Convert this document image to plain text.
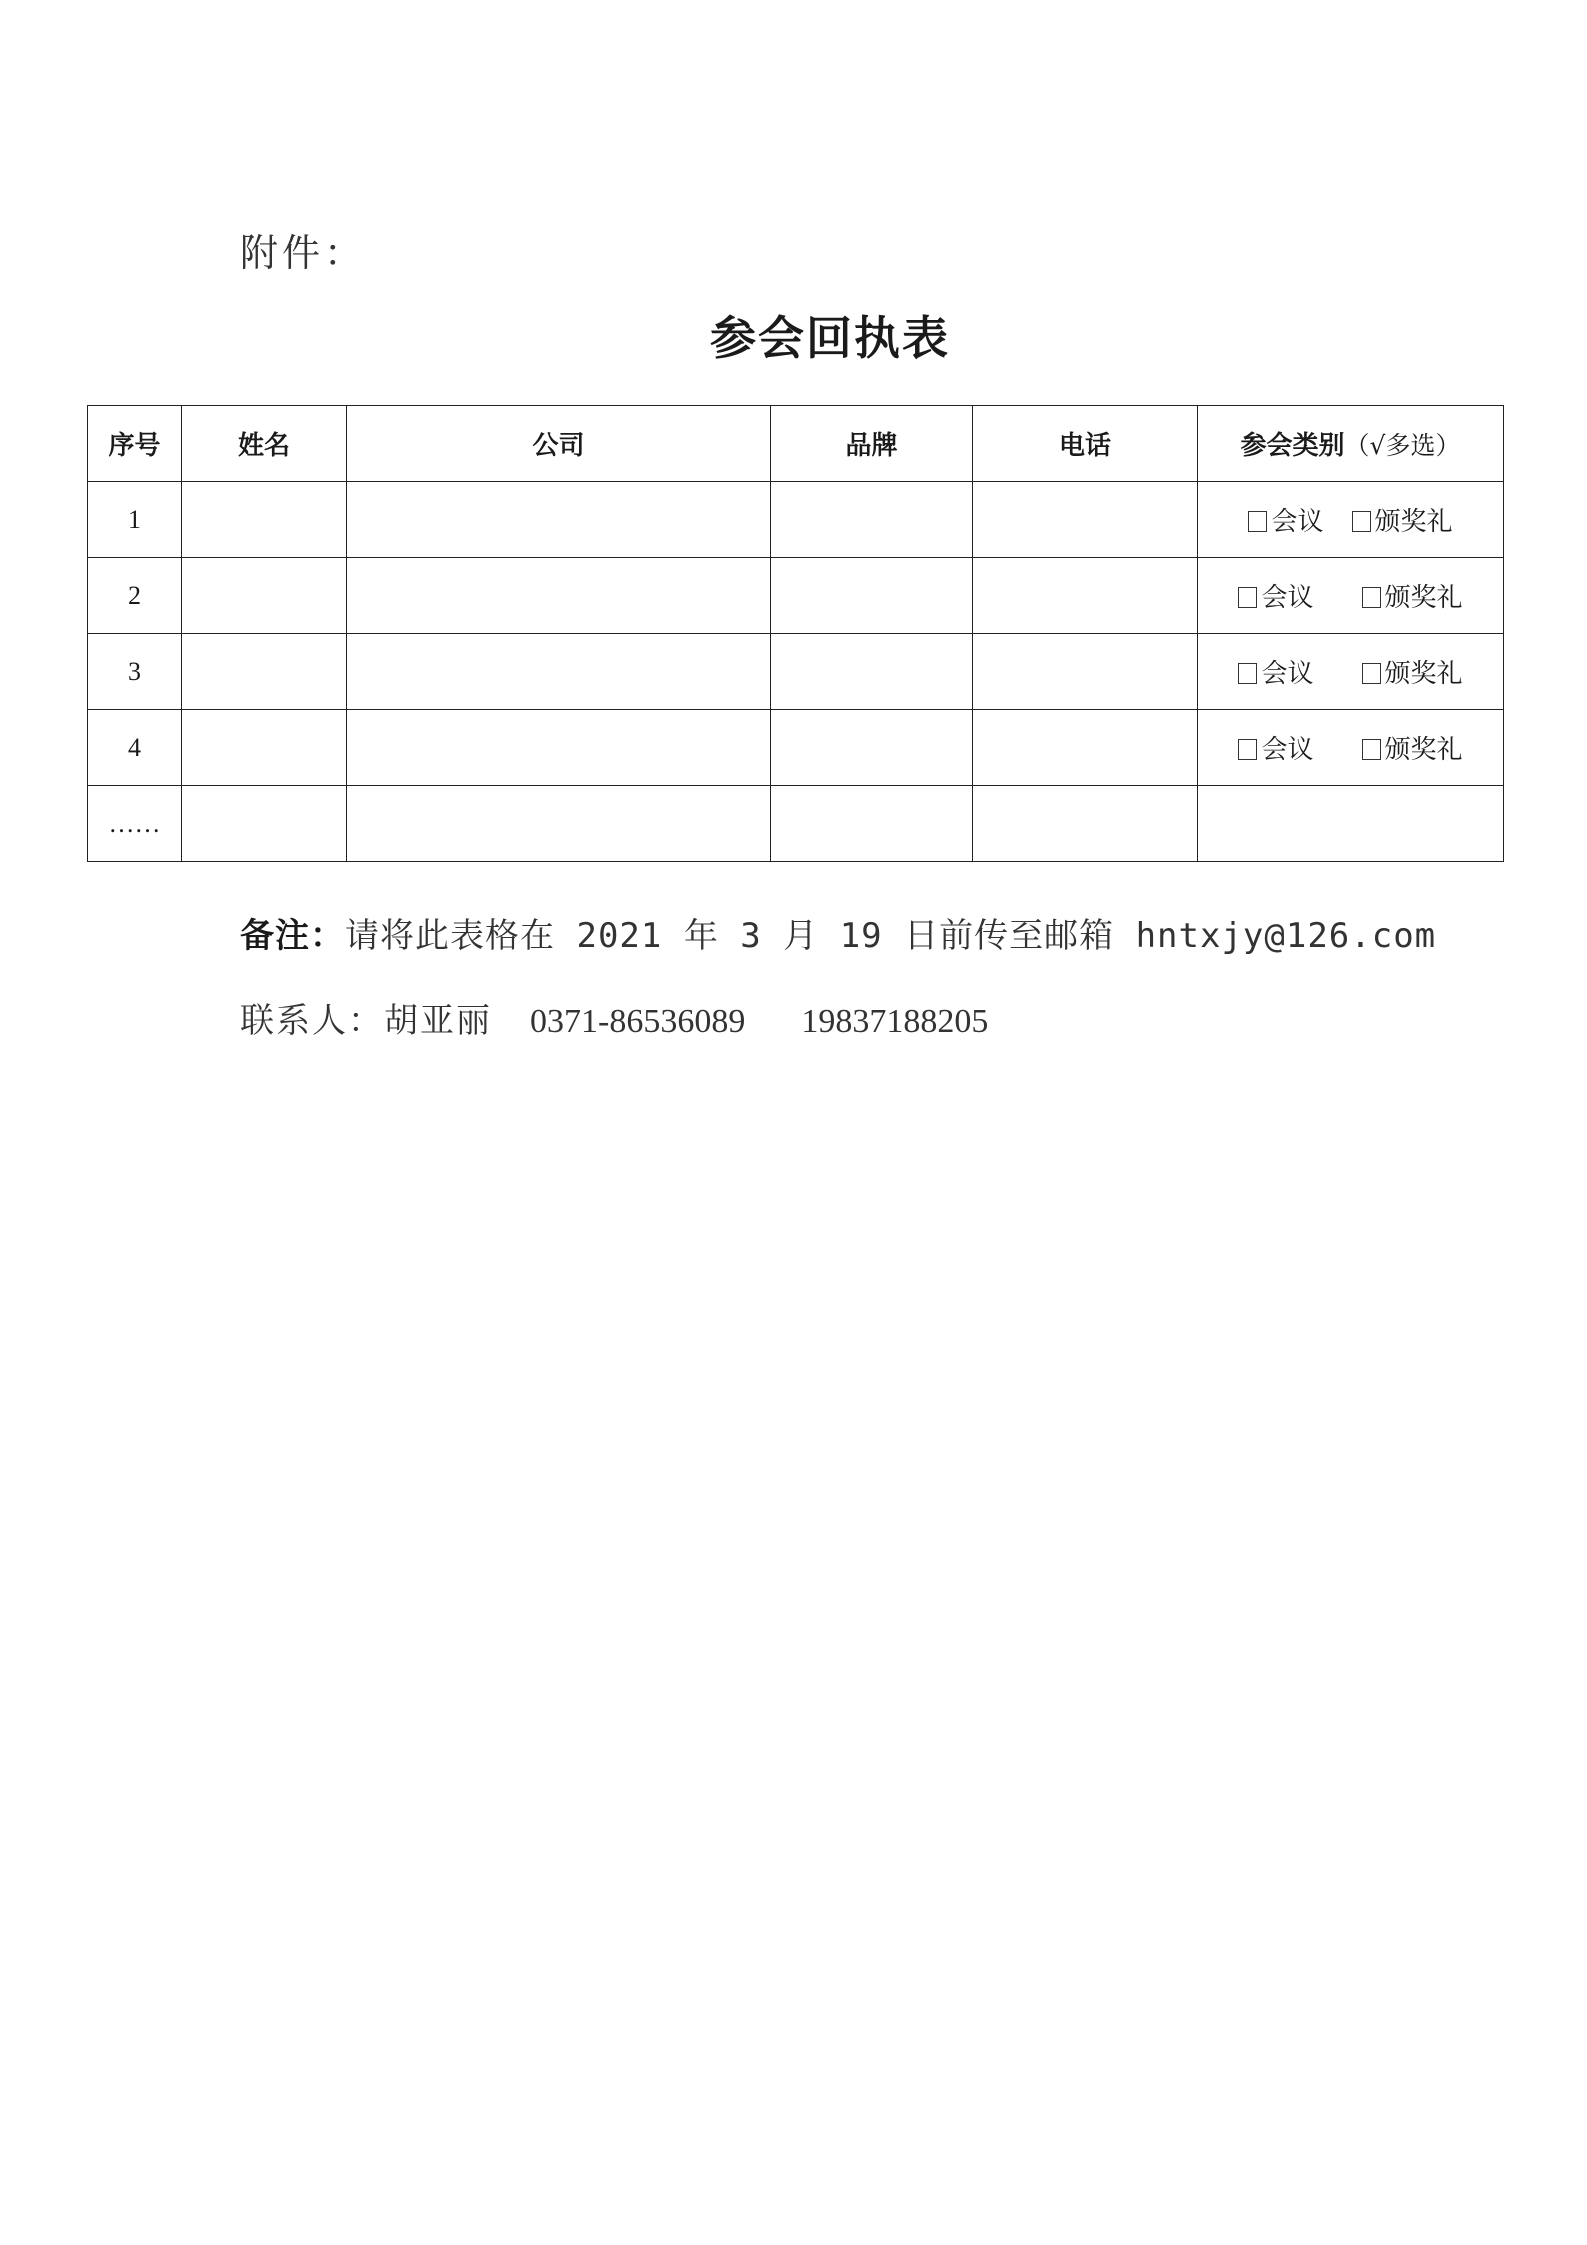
附件：
参会回执表
序号	姓名	公司	品牌	电话	参会类别（√多选）
1					会议 颁奖礼
2					会议 颁奖礼
3					会议 颁奖礼
4					会议 颁奖礼
……					
备注：请将此表格在 2021 年 3 月 19 日前传至邮箱 hntxjy@126.com
联系人：胡亚丽 0371-86536089 19837188205
